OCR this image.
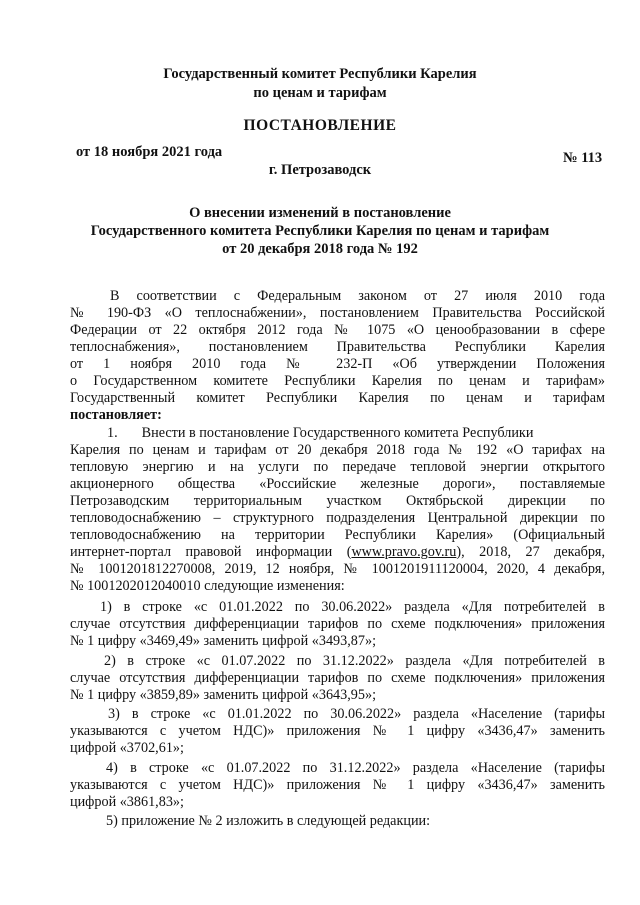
Государственный комитет Республики Карелия
по ценам и тарифам
ПОСТАНОВЛЕНИЕ
от 18 ноября 2021 года	№ 113
г. Петрозаводск
О внесении изменений в постановление
Государственного комитета Республики Карелия по ценам и тарифам
от 20 декабря 2018 года № 192
В соответствии с Федеральным законом от 27 июля 2010 года
№ 190-ФЗ «О теплоснабжении», постановлением Правительства Российской
Федерации от 22 октября 2012 года № 1075 «О ценообразовании в сфере
теплоснабжения», постановлением Правительства Республики Карелия
от 1 ноября 2010 года № 232-П «Об утверждении Положения
о Государственном комитете Республики Карелия по ценам и тарифам»
Государственный комитет Республики Карелия по ценам и тарифам
постановляет:
1. Внести в постановление Государственного комитета Республики
Карелия по ценам и тарифам от 20 декабря 2018 года № 192 «О тарифах на
тепловую энергию и на услуги по передаче тепловой энергии открытого
акционерного общества «Российские железные дороги», поставляемые
Петрозаводским территориальным участком Октябрьской дирекции по
тепловодоснабжению – структурного подразделения Центральной дирекции по
тепловодоснабжению на территории Республики Карелия» (Официальный
интернет-портал правовой информации (www.pravo.gov.ru), 2018, 27 декабря,
№ 1001201812270008, 2019, 12 ноября, № 1001201911120004, 2020, 4 декабря,
№ 1001202012040010 следующие изменения:
1) в строке «с 01.01.2022 по 30.06.2022» раздела «Для потребителей в
случае отсутствия дифференциации тарифов по схеме подключения» приложения
№ 1 цифру «3469,49» заменить цифрой «3493,87»;
2) в строке «с 01.07.2022 по 31.12.2022» раздела «Для потребителей в
случае отсутствия дифференциации тарифов по схеме подключения» приложения
№ 1 цифру «3859,89» заменить цифрой «3643,95»;
3) в строке «с 01.01.2022 по 30.06.2022» раздела «Население (тарифы
указываются с учетом НДС)» приложения № 1 цифру «3436,47» заменить
цифрой «3702,61»;
4) в строке «с 01.07.2022 по 31.12.2022» раздела «Население (тарифы
указываются с учетом НДС)» приложения № 1 цифру «3436,47» заменить
цифрой «3861,83»;
5) приложение № 2 изложить в следующей редакции:
